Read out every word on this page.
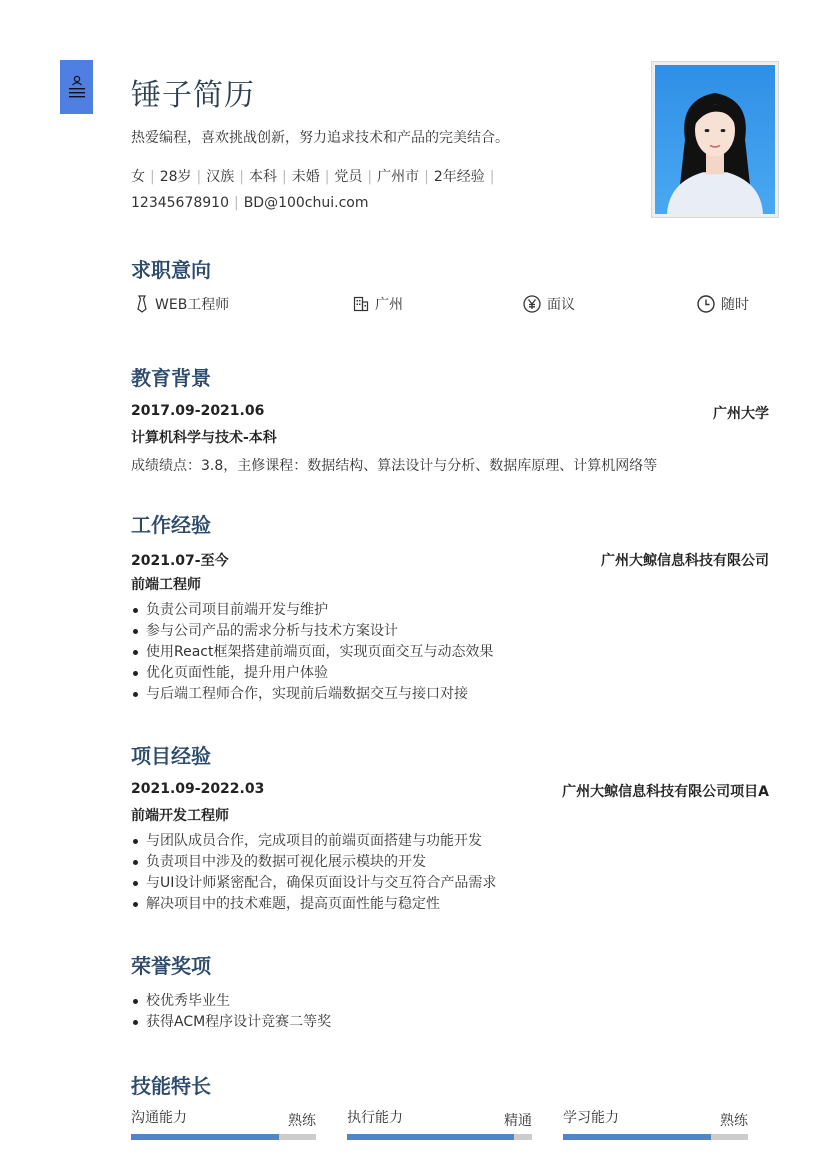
锤子简历
热爱编程，喜欢挑战创新，努力追求技术和产品的完美结合。
女 | 28岁 | 汉族 | 本科 | 未婚 | 党员 | 广州市 | 2年经验 |12345678910 | BD@100chui.com
求职意向
WEB工程师	广州	面议	随时
教育背景
2017.09-2021.06	广州大学
计算机科学与技术-本科
成绩绩点：3.8，主修课程：数据结构、算法设计与分析、数据库原理、计算机网络等
工作经验
2021.07-至今	广州大鲸信息科技有限公司
前端工程师
负责公司项目前端开发与维护
参与公司产品的需求分析与技术方案设计
使用React框架搭建前端页面，实现页面交互与动态效果
优化页面性能，提升用户体验
与后端工程师合作，实现前后端数据交互与接口对接
项目经验
2021.09-2022.03	广州大鲸信息科技有限公司项目A
前端开发工程师
与团队成员合作，完成项目的前端页面搭建与功能开发
负责项目中涉及的数据可视化展示模块的开发
与UI设计师紧密配合，确保页面设计与交互符合产品需求
解决项目中的技术难题，提高页面性能与稳定性
荣誉奖项
校优秀毕业生
获得ACM程序设计竞赛二等奖
技能特长
沟通能力	熟练 执行能力	精通 学习能力	熟练
